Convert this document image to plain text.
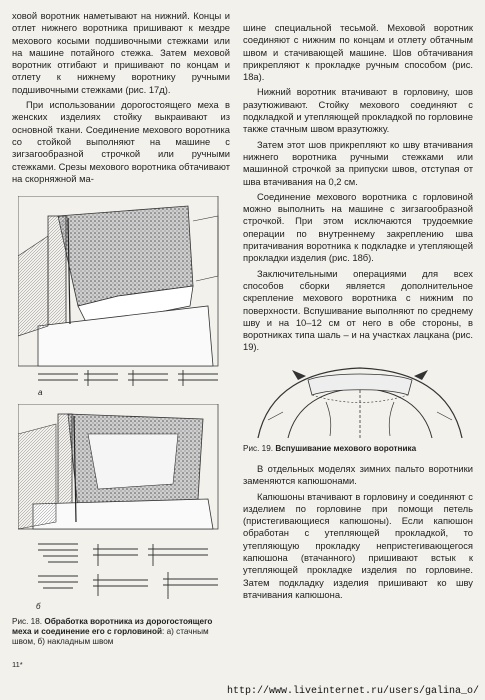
ховой воротник наметывают на нижний. Концы и отлет нижнего воротника пришивают к мездре мехового косыми подшивочными стежками или на машине потайного стежка. Затем меховой воротник отгибают и пришивают по концам и отлету к нижнему воротнику ручными подшивочными стежками (рис. 17д).

При использовании дорогостоящего меха в женских изделиях стойку выкраивают из основной ткани. Соединение мехового воротника со стойкой выполняют на машине с зигзагообразной строчкой или ручными стежками. Срезы мехового воротника обтачивают на скорняжной ма-

а
б
Рис. 18. Обработка воротника из дорогостоящего меха и соединение его с горловиной: а) стачным швом, б) накладным швом

шине специальной тесьмой. Меховой воротник соединяют с нижним по концам и отлету обтачным швом и стачивающей машине. Шов обтачивания прикрепляют к прокладке ручным способом (рис. 18а).

Нижний воротник втачивают в горловину, шов разутюживают. Стойку мехового соединяют с подкладкой и утепляющей прокладкой по горловине также стачным швом вразутюжку.

Затем этот шов прикрепляют ко шву втачивания нижнего воротника ручными стежками или машинной строчкой за припуски швов, отступая от шва втачивания на 0,2 см.

Соединение мехового воротника с горловиной можно выполнить на машине с зигзагообразной строчкой. При этом исключаются трудоемкие операции по внутреннему закреплению шва притачивания воротника к подкладке и утепляющей прокладки изделия (рис. 18б).

Заключительными операциями для всех способов сборки является дополнительное скрепление мехового воротника с нижним по поверхности. Вспушивание выполняют по среднему шву и на 10–12 см от него в обе стороны, в воротниках типа шаль – и на участках лацкана (рис. 19).

Рис. 19. Вспушивание мехового воротника

В отдельных моделях зимних пальто воротники заменяются капюшонами.

Капюшоны втачивают в горловину и соединяют с изделием по горловине при помощи петель (пристегивающиеся капюшоны). Если капюшон обработан с утепляющей прокладкой, то утепляющую прокладку непристегивающегося капюшона (втачанного) пришивают встык к утепляющей прокладке изделия по горловине. Затем подкладку изделия пришивают ко шву втачивания капюшона.

11*
http://www.liveinternet.ru/users/galina_o/
